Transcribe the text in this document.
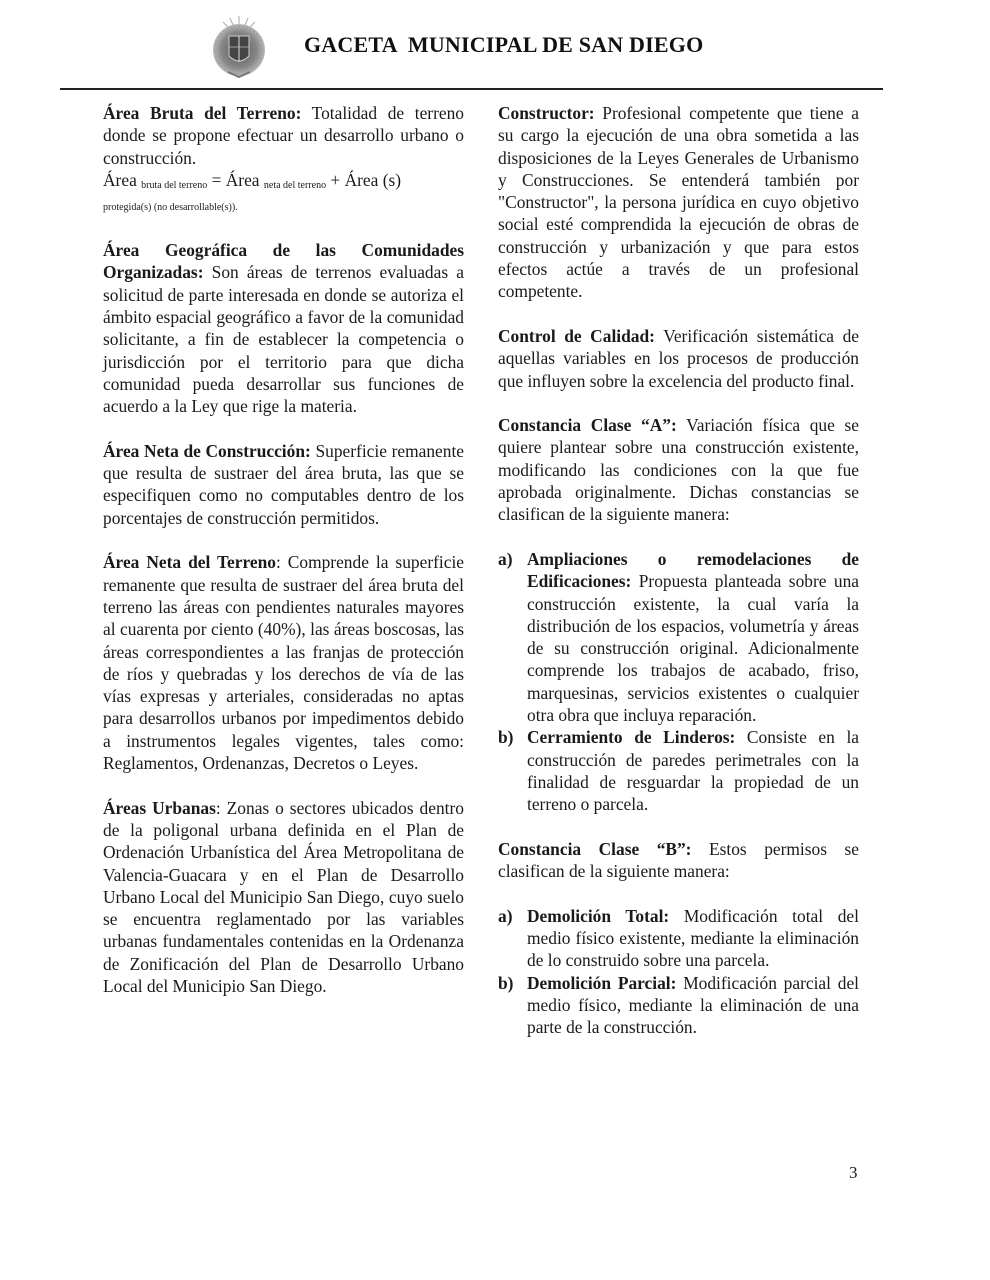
GACETA  MUNICIPAL DE SAN DIEGO
Área Bruta del Terreno: Totalidad de terreno donde se propone efectuar un desarrollo urbano o construcción.
Área $_{bruta del terreno}$ = Área $_{neta del terreno}$ + Área (s)
protegida(s) (no desarrollable(s)).
Área Geográfica de las Comunidades Organizadas: Son áreas de terrenos evaluadas a solicitud de parte interesada en donde se autoriza el ámbito espacial geográfico a favor de la comunidad solicitante, a fin de establecer la competencia o jurisdicción por el territorio para que dicha comunidad pueda desarrollar sus funciones de acuerdo a la Ley que rige la materia.
Área Neta de Construcción: Superficie remanente que resulta de sustraer del área bruta, las que se especifiquen como no computables dentro de los porcentajes de construcción permitidos.
Área Neta del Terreno: Comprende la superficie remanente que resulta de sustraer del área bruta del terreno las áreas con pendientes naturales mayores al cuarenta por ciento (40%), las áreas boscosas, las áreas correspondientes a las franjas de protección de ríos y quebradas y los derechos de vía de las vías expresas y arteriales, consideradas no aptas para desarrollos urbanos por impedimentos debido a instrumentos legales vigentes, tales como: Reglamentos, Ordenanzas, Decretos o Leyes.
Áreas Urbanas: Zonas o sectores ubicados dentro de la poligonal urbana definida en el Plan de Ordenación Urbanística del Área Metropolitana de Valencia-Guacara y en el Plan de Desarrollo Urbano Local del Municipio San Diego, cuyo suelo se encuentra reglamentado por las variables urbanas fundamentales contenidas en la Ordenanza de Zonificación del Plan de Desarrollo Urbano Local del Municipio San Diego.
Constructor: Profesional competente que tiene a su cargo la ejecución de una obra sometida a las disposiciones de la Leyes Generales de Urbanismo y Construcciones. Se entenderá también por "Constructor", la persona jurídica en cuyo objetivo social esté comprendida la ejecución de obras de construcción y urbanización y que para estos efectos actúe a través de un profesional competente.
Control de Calidad: Verificación sistemática de aquellas variables en los procesos de producción que influyen sobre la excelencia del producto final.
Constancia Clase “A”: Variación física que se quiere plantear sobre una construcción existente, modificando las condiciones con la que fue aprobada originalmente. Dichas constancias se clasifican de la siguiente manera:
a) Ampliaciones o remodelaciones de Edificaciones: Propuesta planteada sobre una construcción existente, la cual varía la distribución de los espacios, volumetría y áreas de su construcción original. Adicionalmente comprende los trabajos de acabado, friso, marquesinas, servicios existentes o cualquier otra obra que incluya reparación.
b) Cerramiento de Linderos: Consiste en la construcción de paredes perimetrales con la finalidad de resguardar la propiedad de un terreno o parcela.
Constancia Clase “B”: Estos permisos se clasifican de la siguiente manera:
a) Demolición Total: Modificación total del medio físico existente, mediante la eliminación de lo construido sobre una parcela.
b) Demolición Parcial: Modificación parcial del medio físico, mediante la eliminación de una parte de la construcción.
3
